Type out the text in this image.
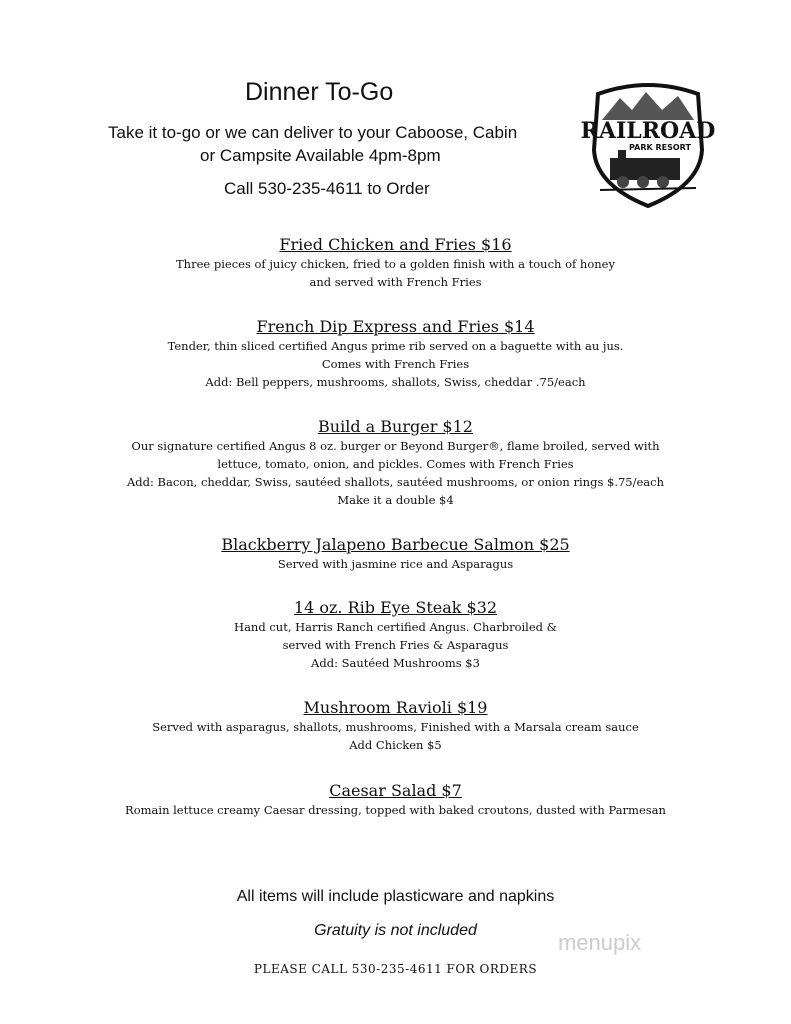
Dinner To-Go
Take it to-go or we can deliver to your Caboose, Cabin
or Campsite Available 4pm-8pm
Call 530-235-4611 to Order
RAILROAD
PARK RESORT
Fried Chicken and Fries $16

Three pieces of juicy chicken, fried to a golden finish with a touch of honey

and served with French Fries

French Dip Express and Fries $14

Tender, thin sliced certified Angus prime rib served on a baguette with au jus.

Comes with French Fries

Add: Bell peppers, mushrooms, shallots, Swiss, cheddar .75/each

Build a Burger $12

Our signature certified Angus 8 oz. burger or Beyond Burger®, flame broiled, served with

lettuce, tomato, onion, and pickles. Comes with French Fries

Add: Bacon, cheddar, Swiss, sautéed shallots, sautéed mushrooms, or onion rings $.75/each

Make it a double $4

Blackberry Jalapeno Barbecue Salmon $25

Served with jasmine rice and Asparagus

14 oz. Rib Eye Steak $32

Hand cut, Harris Ranch certified Angus. Charbroiled &

served with French Fries & Asparagus

Add: Sautéed Mushrooms $3

Mushroom Ravioli $19

Served with asparagus, shallots, mushrooms, Finished with a Marsala cream sauce

Add Chicken $5

Caesar Salad $7

Romain lettuce creamy Caesar dressing, topped with baked croutons, dusted with Parmesan

All items will include plasticware and napkins
Gratuity is not included
PLEASE CALL 530-235-4611 FOR ORDERS
menupix
